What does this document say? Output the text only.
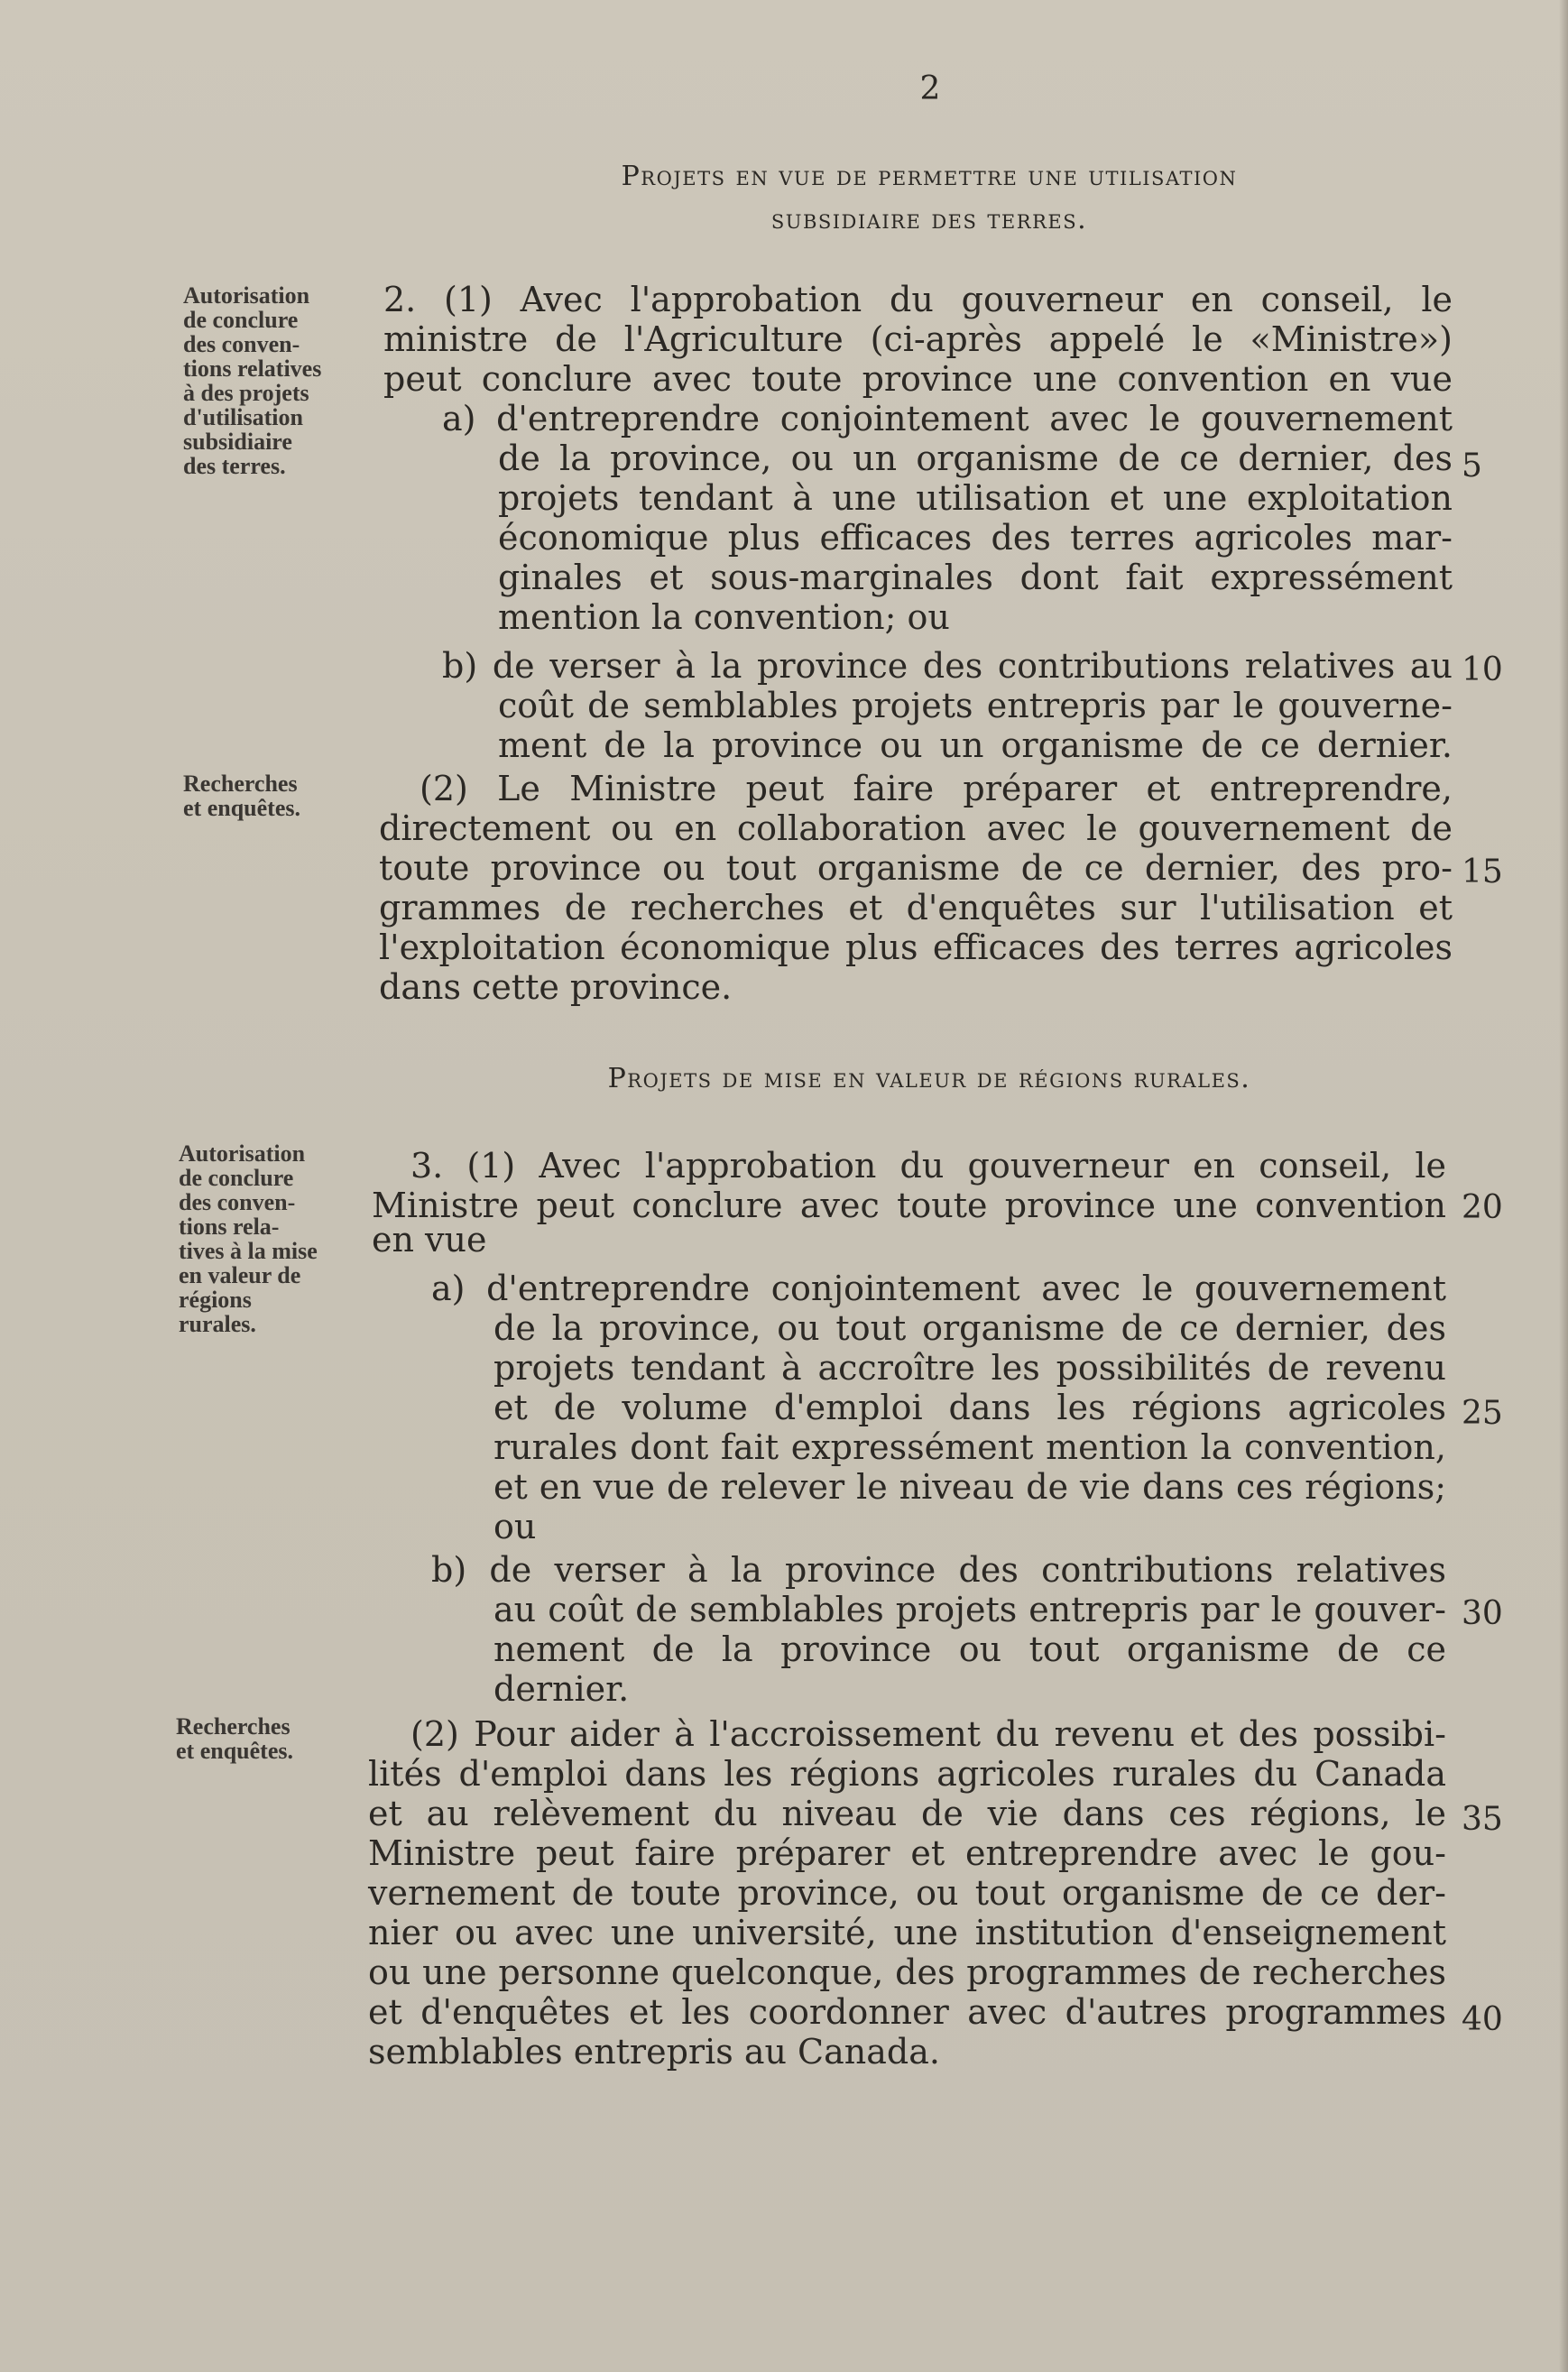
2
Projets en vue de permettre une utilisation
subsidiaire des terres.
Autorisation
de conclure
des conven-
tions relatives
à des projets
d'utilisation
subsidiaire
des terres.
Recherches
et enquêtes.
2. (1) Avec l'approbation du gouverneur en conseil, le
ministre de l'Agriculture (ci-après appelé le «Ministre»)
peut conclure avec toute province une convention en vue
a) d'entreprendre conjointement avec le gouvernement
de la province, ou un organisme de ce dernier, des
projets tendant à une utilisation et une exploitation
économique plus efficaces des terres agricoles mar-
ginales et sous-marginales dont fait expressément
mention la convention; ou
b) de verser à la province des contributions relatives au
coût de semblables projets entrepris par le gouverne-
ment de la province ou un organisme de ce dernier.
(2) Le Ministre peut faire préparer et entreprendre,
directement ou en collaboration avec le gouvernement de
toute province ou tout organisme de ce dernier, des pro-
grammes de recherches et d'enquêtes sur l'utilisation et
l'exploitation économique plus efficaces des terres agricoles
dans cette province.
Projets de mise en valeur de régions rurales.
Autorisation
de conclure
des conven-
tions rela-
tives à la mise
en valeur de
régions
rurales.
Recherches
et enquêtes.
3. (1) Avec l'approbation du gouverneur en conseil, le
Ministre peut conclure avec toute province une convention
en vue
a) d'entreprendre conjointement avec le gouvernement
de la province, ou tout organisme de ce dernier, des
projets tendant à accroître les possibilités de revenu
et de volume d'emploi dans les régions agricoles
rurales dont fait expressément mention la convention,
et en vue de relever le niveau de vie dans ces régions;
ou
b) de verser à la province des contributions relatives
au coût de semblables projets entrepris par le gouver-
nement de la province ou tout organisme de ce
dernier.
(2) Pour aider à l'accroissement du revenu et des possibi-
lités d'emploi dans les régions agricoles rurales du Canada
et au relèvement du niveau de vie dans ces régions, le
Ministre peut faire préparer et entreprendre avec le gou-
vernement de toute province, ou tout organisme de ce der-
nier ou avec une université, une institution d'enseignement
ou une personne quelconque, des programmes de recherches
et d'enquêtes et les coordonner avec d'autres programmes
semblables entrepris au Canada.
5
10
15
20
25
30
35
40
